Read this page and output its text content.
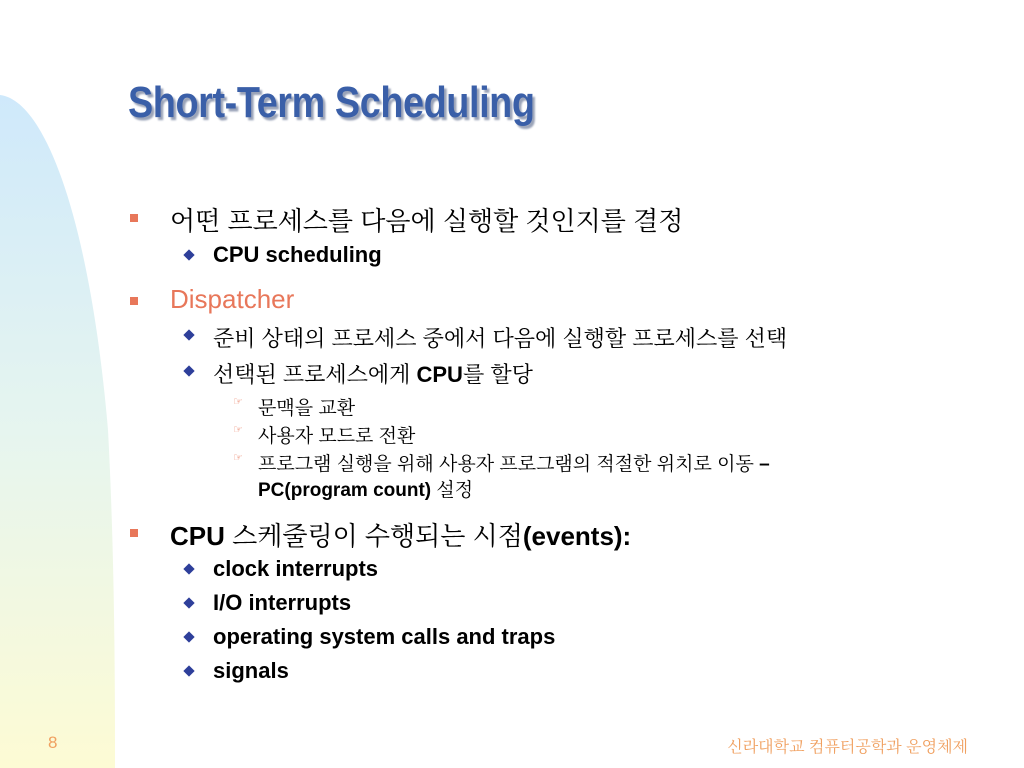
Short-Term Scheduling
어떤 프로세스를 다음에 실행할 것인지를 결정
CPU scheduling
Dispatcher
준비 상태의 프로세스 중에서 다음에 실행할 프로세스를 선택
선택된 프로세스에게 CPU를 할당
☞ 문맥을 교환
☞ 사용자 모드로 전환
☞ 프로그램 실행을 위해 사용자 프로그램의 적절한 위치로 이동 –
PC(program count) 설정
CPU 스케줄링이 수행되는 시점(events):
clock interrupts
I/O interrupts
operating system calls and traps
signals
8	신라대학교 컴퓨터공학과 운영체제
